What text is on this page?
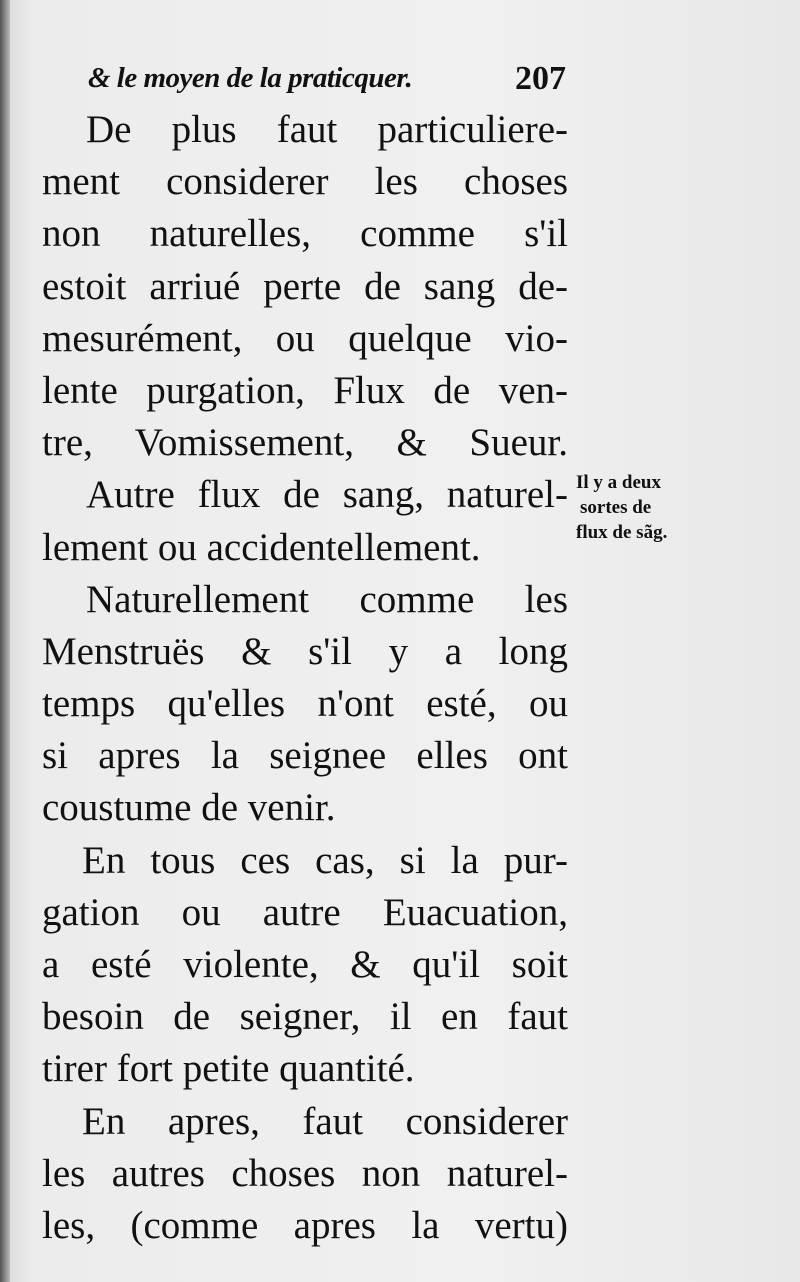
& le moyen de la praticquer.	207
De plus faut particuliere-
ment considerer les choses
non naturelles, comme s'il
estoit arriué perte de sang de-
mesurément, ou quelque vio-
lente purgation, Flux de ven-
tre, Vomissement, & Sueur.
Autre flux de sang, naturel-
lement ou accidentellement.
Naturellement comme les
Menstruës & s'il y a long
temps qu'elles n'ont esté, ou
si apres la seignee elles ont
coustume de venir.
En tous ces cas, si la pur-
gation ou autre Euacuation,
a esté violente, & qu'il soit
besoin de seigner, il en faut
tirer fort petite quantité.
En apres, faut considerer
les autres choses non naturel-
les, (comme apres la vertu)
Il y a deux
sortes de
flux de sãg.
